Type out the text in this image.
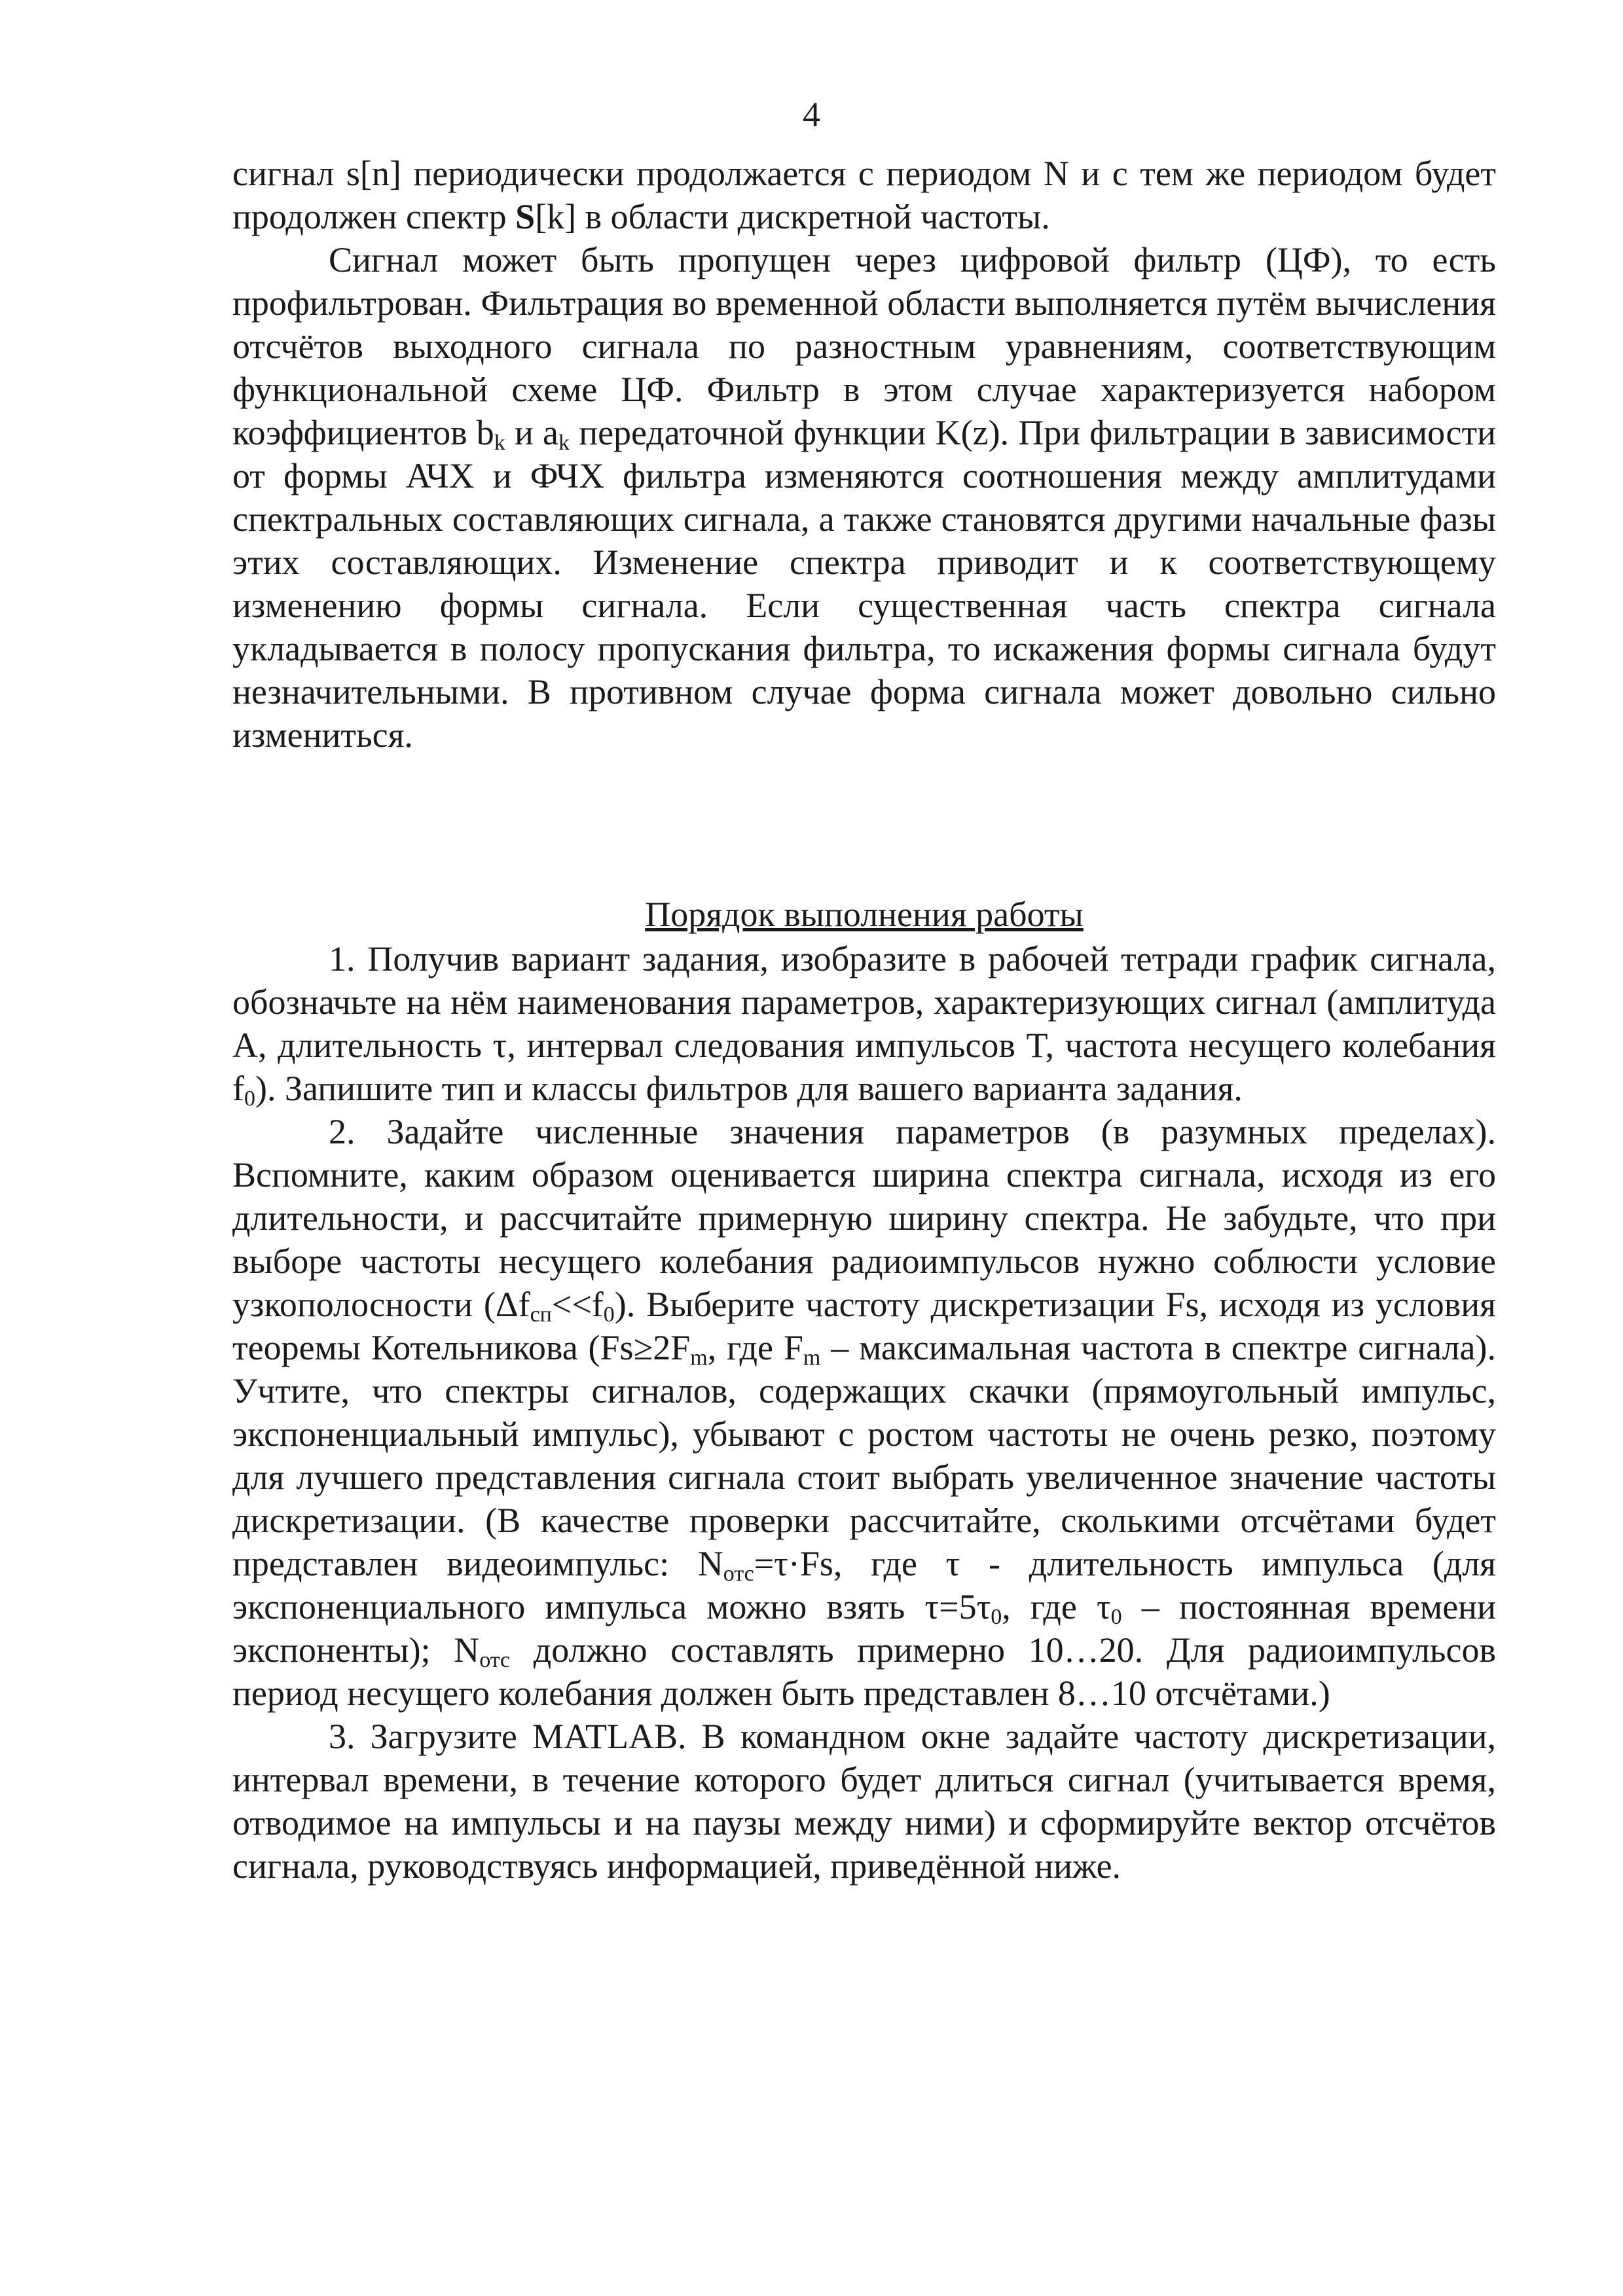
4

сигнал s[n] периодически продолжается с периодом N и с тем же периодом будет продолжен спектр S[k] в области дискретной частоты.

Сигнал может быть пропущен через цифровой фильтр (ЦФ), то есть профильтрован. Фильтрация во временной области выполняется путём вычисления отсчётов выходного сигнала по разностным уравнениям, соответствующим функциональной схеме ЦФ. Фильтр в этом случае характеризуется набором коэффициентов $b_k$ и $a_k$ передаточной функции K(z). При фильтрации в зависимости от формы АЧХ и ФЧХ фильтра изменяются соотношения между амплитудами спектральных составляющих сигнала, а также становятся другими начальные фазы этих составляющих. Изменение спектра приводит и к соответствующему изменению формы сигнала. Если существенная часть спектра сигнала укладывается в полосу пропускания фильтра, то искажения формы сигнала будут незначительными. В противном случае форма сигнала может довольно сильно измениться.

Порядок выполнения работы

1. Получив вариант задания, изобразите в рабочей тетради график сигнала, обозначьте на нём наименования параметров, характеризующих сигнал (амплитуда A, длительность τ, интервал следования импульсов T, частота несущего колебания $f_0$). Запишите тип и классы фильтров для вашего варианта задания.

2. Задайте численные значения параметров (в разумных пределах). Вспомните, каким образом оценивается ширина спектра сигнала, исходя из его длительности, и рассчитайте примерную ширину спектра. Не забудьте, что при выборе частоты несущего колебания радиоимпульсов нужно соблюсти условие узкополосности $(\Delta f_{сп}<<f_0)$. Выберите частоту дискретизации Fs, исходя из условия теоремы Котельникова ($Fs\ge 2F_m$, где $F_m$ – максимальная частота в спектре сигнала). Учтите, что спектры сигналов, содержащих скачки (прямоугольный импульс, экспоненциальный импульс), убывают с ростом частоты не очень резко, поэтому для лучшего представления сигнала стоит выбрать увеличенное значение частоты дискретизации. (В качестве проверки рассчитайте, сколькими отсчётами будет представлен видеоимпульс: $N_{отс}=\tau\cdot Fs$, где τ - длительность импульса (для экспоненциального импульса можно взять $\tau=5\tau_0$, где $\tau_0$ – постоянная времени экспоненты); $N_{отс}$ должно составлять примерно 10…20. Для радиоимпульсов период несущего колебания должен быть представлен 8…10 отсчётами.)

3. Загрузите MATLAB. В командном окне задайте частоту дискретизации, интервал времени, в течение которого будет длиться сигнал (учитывается время, отводимое на импульсы и на паузы между ними) и сформируйте вектор отсчётов сигнала, руководствуясь информацией, приведённой ниже.
